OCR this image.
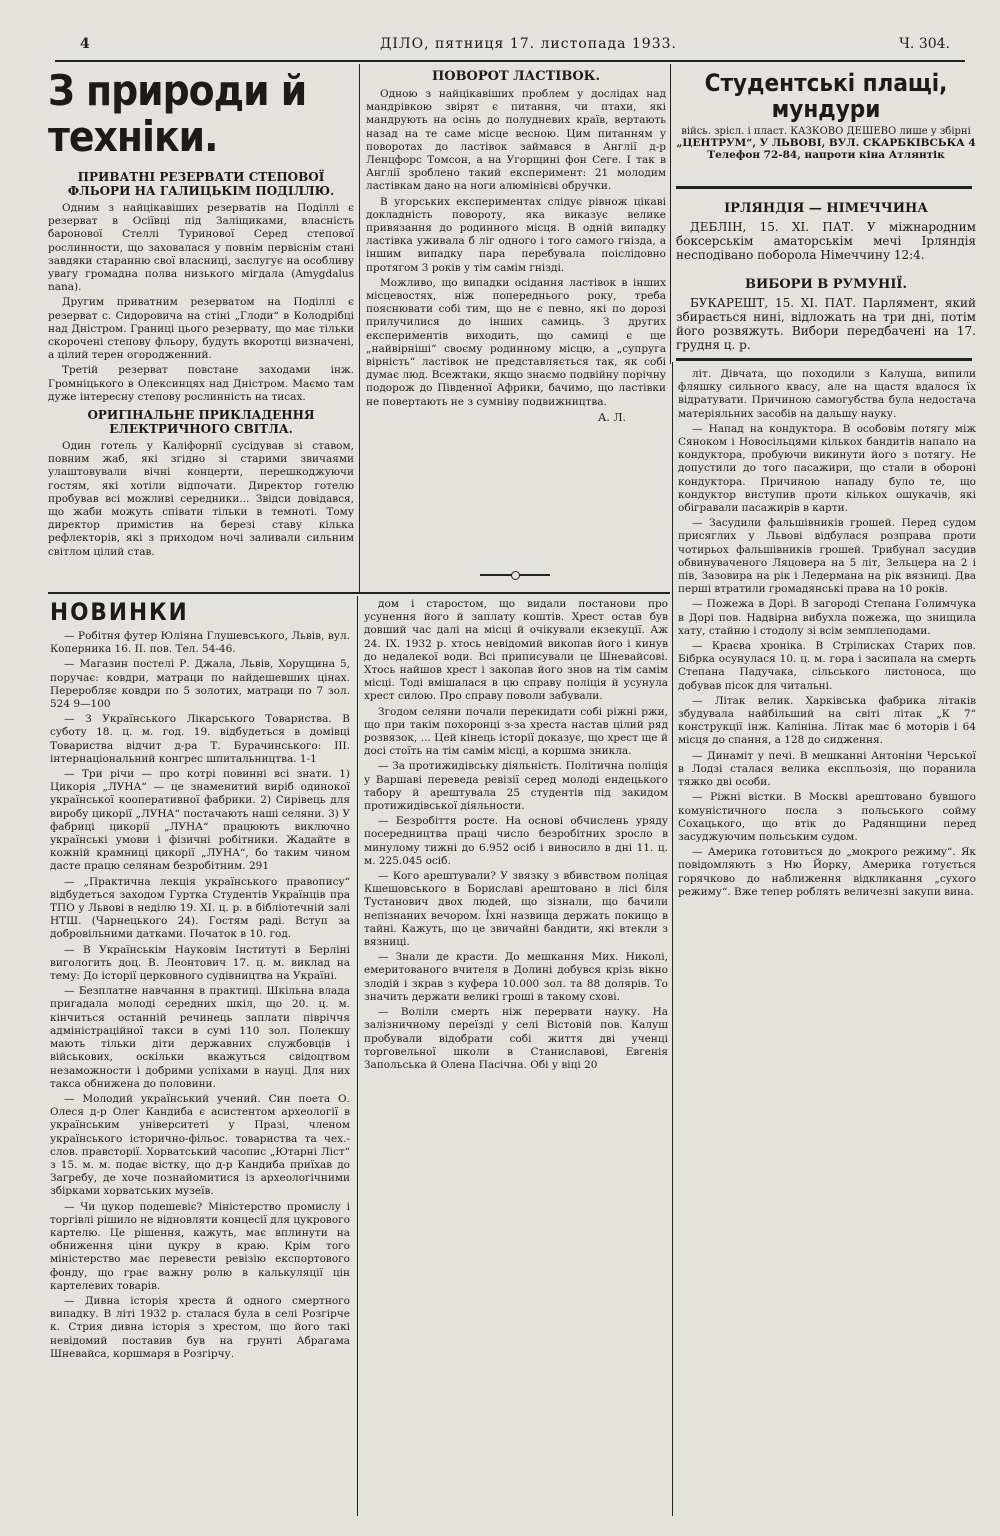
4	ДІЛО, пятниця 17. листопада 1933.	Ч. 304.
З природи й техніки.
ПРИВАТНІ РЕЗЕРВАТИ СТЕПОВОЇ ФЛЬОРИ НА ГАЛИЦЬКІМ ПОДІЛЛЮ.

Одним з найцікавіших резерватів на Поділлі є резерват в Осіївці під Заліщиками, власність баронової Стеллі Туринової Серед степової рослинности, що заховалася у повнім первіснім стані завдяки старанню свої власниці, заслугує на особливу увагу громадна полва низького мігдала (Amygdalus nana).

Другим приватним резерватом на Поділлі є резерват с. Сидоровича на стіні „Глоди“ в Колодрібці над Дністром. Границі цього резервату, що має тільки скорочені степову фльору, будуть вкоротці визначені, а цілий терен огородженний.

Третій резерват повстане заходами інж. Громніцького в Олексинцях над Дністром. Маємо там дуже інтересну степову рослинність на тисах.

ОРИГІНАЛЬНЕ ПРИКЛАДЕННЯ ЕЛЕКТРИЧНОГО СВІТЛА.

Один готель у Каліфорнії сусідував зі ставом, повним жаб, які згідно зі старими звичаями улаштовували вічні концерти, перешкоджуючи гостям, які хотіли відпочати. Директор готелю пробував всі можливі середники... Звідси довідався, що жаби можуть співати тільки в темноті. Тому директор примістив на березі ставу кілька рефлекторів, які з приходом ночі заливали сильним світлом цілий став.

ПОВОРОТ ЛАСТІВОК.

Одною з найцікавіших проблем у дослідах над мандрівкою звірят є питання, чи птахи, які мандрують на осінь до полудневих країв, вертають назад на те саме місце весною. Цим питанням у поворотах до ластівок займався в Англії д-р Ленцфорс Томсон, а на Угорщині фон Сеге. І так в Англії зроблено такий експеримент: 21 молодим ластівкам дано на ноги алюмінієві обручки.

В угорських експериментах слідує рівнож цікаві докладність повороту, яка виказує велике привязання до родинного місця. В одній випадку ластівка уживала б ліг одного і того самого гнізда, а іншим випадку пара перебувала поіслідовно протягом 3 років у тім самім гнізді.

Можливо, що випадки осідання ластівок в інших місцевостях, ніж попереднього року, треба пояснювати собі тим, що не є певно, які по дорозі прилучилися до інших самиць. З других експериментів виходить, що самиці є ще „найвірніші“ своєму родинному місцю, а „супруга вірність“ ластівок не представляється так, як собі думає люд. Всежтаки, якщо знаємо подвійну порічну подорож до Південної Африки, бачимо, що ластівки не повертають не з сумніву подвижництва.

А. Л.
Студентські плащі, мундури
війсь. зрісл. і пласт. КАЗКОВО ДЕШЕВО лише у збірні
„ЦЕНТРУМ“, У ЛЬВОВІ, ВУЛ. СКАРБКІВСЬКА 4
Телефон 72-84, напроти кіна Атлянтік
ІРЛЯНДІЯ — НІМЕЧЧИНА

ДЕБЛІН, 15. XI. ПАТ. У міжнародним боксерськім аматорськім мечі Ірляндія несподівано поборола Німеччину 12:4.

ВИБОРИ В РУМУНІЇ.

БУКАРЕШТ, 15. XI. ПАТ. Парлямент, який збирається нині, відложать на три дні, потім його розвяжуть. Вибори передбачені на 17. грудня ц. р.

НОВИНКИ

— Робітня футер Юліяна Глушевського, Львів, вул. Коперника 16. II. пов. Тел. 54-46.

— Магазин постелі Р. Джала, Львів, Хорущина 5, поручає: ковдри, матраци по найдешевших цінах. Переробляє ковдри по 5 золотих, матраци по 7 зол. 524 9—100

— З Українського Лікарського Товариства. В суботу 18. ц. м. год. 19. відбудеться в домівці Товариства відчит д-ра Т. Бурачинського: ІІІ. інтернаціональний конгрес шпитальництва. 1-1

— Три річи — про котрі повинні всі знати. 1) Цикорія „ЛУНА“ — це знаменитий виріб одинокої української кооперативної фабрики. 2) Сирівець для виробу цикорії „ЛУНА“ постачають наші селяни. 3) У фабриці цикорії „ЛУНА“ працюють виключно українські умови і фізичні робітники. Жадайте в кожній крамниці цикорії „ЛУНА“, бо таким чином дасте працю селянам безробітним. 291

— „Практична лекція українського правопису“ відбудеться заходом Гуртка Студентів Українців пра ТПО у Львові в неділю 19. XI. ц. р. в бібліотечній залі НТШ. (Чарнецького 24). Гостям раді. Вступ за добровільними датками. Початок в 10. год.

— В Українськім Науковім Інституті в Берліні вигологить доц. В. Леонтович 17. ц. м. виклад на тему: До історії церковного судівництва на Україні.

— Безплатне навчання в практиці. Шкільна влада пригадала молоді середних шкіл, що 20. ц. м. кінчиться останній речинець заплати півріччя адміністраційної такси в сумі 110 зол. Полекшу мають тільки діти державних службовців і військових, оскільки вкажуться свідоцтвом незаможности і добрими успіхами в науці. Для них такса обнижена до половини.

— Молодий український учений. Син поета О. Олеся д-р Олег Кандиба є асистентом археології в українським університеті у Празі, членом українського історично-фільос. товариства та чех.-слов. правсторії. Хорватський часопис „Ютарні Ліст“ з 15. м. м. подає вістку, що д-р Кандиба приїхав до Загребу, де хоче познайомитися із археологічними збірками хорватських музеїв.

— Чи цукор подешевіє? Міністерство промислу і торгівлі рішило не відновляти концесії для цукрового картелю. Це рішення, кажуть, має вплинути на обниження ціни цукру в краю. Крім того міністерство має перевести ревізію експортового фонду, що грає важну ролю в калькуляції цін картелевих товарів.

— Дивна історія хреста й одного смертного випадку. В літі 1932 р. сталася була в селі Розгірче к. Стрия дивна історія з хрестом, що його такі невідомий поставив був на грунті Абрагама Шневайса, коршмаря в Розгірчу.

дом і старостом, що видали постанови про усунення його й заплату коштів. Хрест остав був довший час далі на місці й очікували екзекуції. Аж 24. IX. 1932 р. хтось невідомий викопав його і кинув до недалекої води. Всі приписували це Шневайсові. Хтось найшов хрест і закопав його знов на тім самім місці. Тоді вмішалася в цю справу поліція й усунула хрест силою. Про справу поволи забували.

Згодом селяни почали перекидати собі ріжні ржи, що при такім похоронці з-за хреста настав цілий ряд розвязок, ... Цей кінець історії доказує, що хрест ще й досі стоїть на тім самім місці, а коршма зникла.

— За протижидівську діяльність. Політична поліція у Варшаві переведа ревізії серед молоді ендецького табору й арештувала 25 студентів під закидом протижидівської діяльности.

— Безробіття росте. На основі обчислень уряду посередництва праці число безробітних зросло в минулому тижні до 6.952 осіб і виносило в дні 11. ц. м. 225.045 осіб.

— Кого арештували? У звязку з вбивством поліцая Кшешовського в Бориславі арештовано в лісі біля Тустанович двох людей, що зізнали, що бачили непізнаних вечором. Їхні назвища держать покищо в тайні. Кажуть, що це звичайні бандити, які втекли з вязниці.

— Знали де красти. До мешкання Мих. Николі, емеритованого вчителя в Долині добувся крізь вікно злодій і зкрав з куфера 10.000 зол. та 88 долярів. То значить держати великі гроші в такому схові.

— Воліли смерть ніж перервати науку. На залізничному переїзді у селі Вістовій пов. Калуш пробували відобрати собі життя дві ученці торговельної школи в Станиславові, Евгенія Запольська й Олена Пасічна. Обі у віці 20

літ. Дівчата, що походили з Калуша, випили фляшку сильного квасу, але на щастя вдалося їх відратувати. Причиною самогубства була недостача матеріяльних засобів на дальшу науку.

— Напад на кондуктора. В особовім потягу між Сяноком і Новосільцями кількох бандитів напало на кондуктора, пробуючи викинути його з потягу. Не допустили до того пасажири, що стали в обороні кондуктора. Причиною нападу було те, що кондуктор виступив проти кількох ошукачів, які обігравали пасажирів в карти.

— Засудили фальшівників грошей. Перед судом присяглих у Львові відбулася розправа проти чотирьох фальшівників грошей. Трибунал засудив обвинуваченого Ляцовера на 5 літ, Зельцера на 2 і пів, Зазовира на рік і Ледермана на рік вязниці. Два перші втратили громадянські права на 10 років.

— Пожежа в Дорі. В загороді Степана Голимчука в Дорі пов. Надвірна вибухла пожежа, що знищила хату, стайню і стодолу зі всім земплеподами.

— Краєва хроніка. В Стрілисках Старих пов. Бібрка осунулася 10. ц. м. гора і засипала на смерть Степана Падучака, сільського листоноса, що добував пісок для читальні.

— Літак велик. Харківська фабрика літаків збудувала найбільший на світі літак „К 7“ конструкції інж. Калініна. Літак має 6 моторів і 64 місця до спання, а 128 до сидження.

— Динаміт у печі. В мешканні Антоніни Черської в Лодзі сталася велика експльозія, що поранила тяжко дві особи.

— Ріжні вістки. В Москві арештовано бувшого комуністичного посла з польського сойму Сохацького, що втік до Радянщини перед засуджуючим польським судом.

— Америка готовиться до „мокрого режиму“. Як повідомляють з Ню Йорку, Америка готується горячково до наближення відкликання „сухого режиму“. Вже тепер роблять величезні закупи вина.
